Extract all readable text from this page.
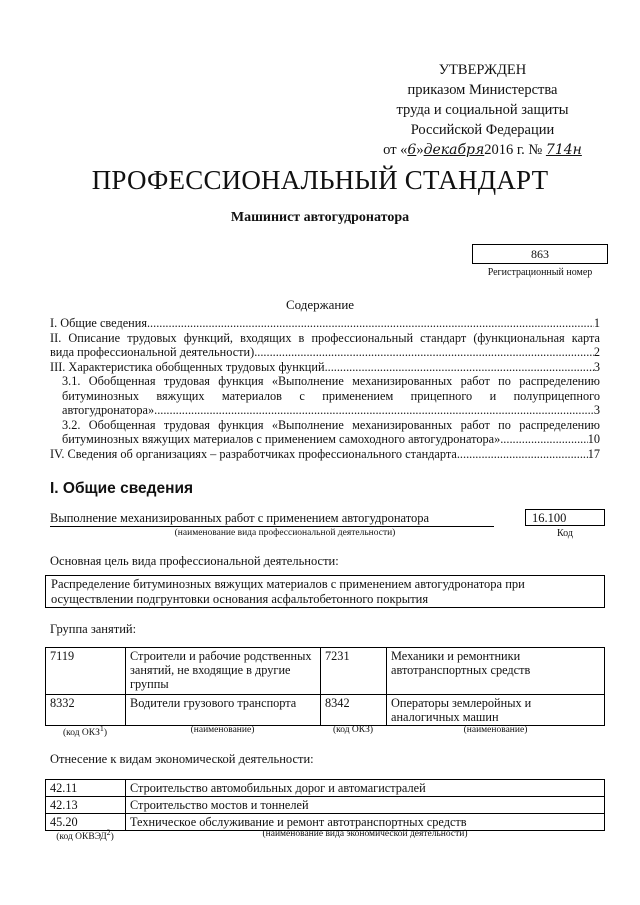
УТВЕРЖДЕН
приказом Министерства
труда и социальной защиты
Российской Федерации
от «6»декабря2016 г. № 714н
ПРОФЕССИОНАЛЬНЫЙ СТАНДАРТ
Машинист автогудронатора
863
Регистрационный номер
Содержание
I. Общие сведения .....	1
II. Описание трудовых функций, входящих в профессиональный стандарт (функциональная карта
вида профессиональной деятельности) .....	2
III. Характеристика обобщенных трудовых функций .....	3
3.1. Обобщенная трудовая функция «Выполнение механизированных работ по распределению
битуминозных вяжущих материалов с применением прицепного и полуприцепного
автогудронатора» .....	3
3.2. Обобщенная трудовая функция «Выполнение механизированных работ по распределению
битуминозных вяжущих материалов с применением самоходного автогудронатора» .....	10
IV. Сведения об организациях – разработчиках профессионального стандарта .....	17
I. Общие сведения
Выполнение механизированных работ с применением автогудронатора
(наименование вида профессиональной деятельности)
16.100
Код
Основная цель вида профессиональной деятельности:
Распределение битуминозных вяжущих материалов с применением автогудронатора при осуществлении подгрунтовки основания асфальтобетонного покрытия
Группа занятий:
7119	Строители и рабочие родственных занятий, не входящие в другие группы	7231	Механики и ремонтники автотранспортных средств
8332	Водители грузового транспорта	8342	Операторы землеройных и аналогичных машин
(код ОКЗ$^1$)	(наименование)	(код ОКЗ)	(наименование)
Отнесение к видам экономической деятельности:
42.11	Строительство автомобильных дорог и автомагистралей
42.13	Строительство мостов и тоннелей
45.20	Техническое обслуживание и ремонт автотранспортных средств
(код ОКВЭД$^2$)	(наименование вида экономической деятельности)
